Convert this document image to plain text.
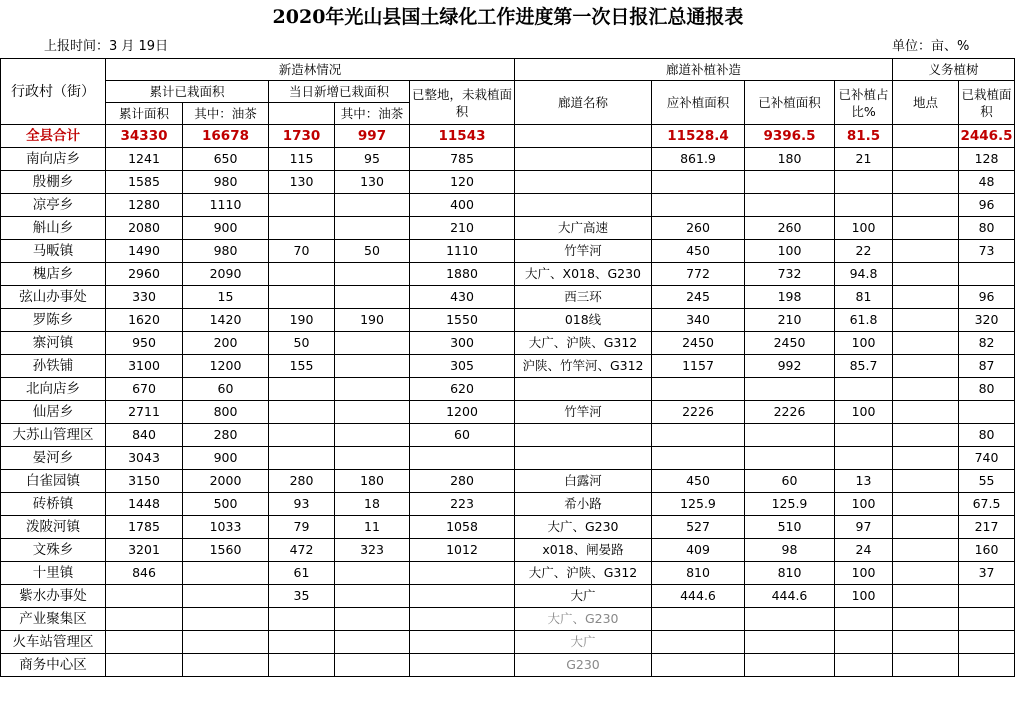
2020年光山县国土绿化工作进度第一次日报汇总通报表
上报时间：3 月 19日	单位：亩、%
行政村（街）	新造林情况					廊道补植补造				义务植树	
	累计已栽面积		当日新增已栽面积		已整地，未栽植面积	廊道名称	应补植面积	已补植面积	已补植占比%	地点	已栽植面积
	累计面积	其中：油茶		其中：油茶							
全县合计	34330	16678	1730	997	11543		11528.4	9396.5	81.5		2446.5
南向店乡	1241	650	115	95	785		861.9	180	21		128
殷棚乡	1585	980	130	130	120						48
凉亭乡	1280	1110			400						96
斛山乡	2080	900			210	大广高速	260	260	100		80
马畈镇	1490	980	70	50	1110	竹竿河	450	100	22		73
槐店乡	2960	2090			1880	大广、X018、G230	772	732	94.8		
弦山办事处	330	15			430	西三环	245	198	81		96
罗陈乡	1620	1420	190	190	1550	018线	340	210	61.8		320
寨河镇	950	200	50		300	大广、沪陕、G312	2450	2450	100		82
孙铁铺	3100	1200	155		305	沪陕、竹竿河、G312	1157	992	85.7		87
北向店乡	670	60			620						80
仙居乡	2711	800			1200	竹竿河	2226	2226	100		
大苏山管理区	840	280			60						80
晏河乡	3043	900									740
白雀园镇	3150	2000	280	180	280	白露河	450	60	13		55
砖桥镇	1448	500	93	18	223	希小路	125.9	125.9	100		67.5
泼陂河镇	1785	1033	79	11	1058	大广、G230	527	510	97		217
文殊乡	3201	1560	472	323	1012	x018、闸晏路	409	98	24		160
十里镇	846		61			大广、沪陕、G312	810	810	100		37
紫水办事处			35			大广	444.6	444.6	100		
产业聚集区						大广、G230					
火车站管理区						大广					
商务中心区						G230					
